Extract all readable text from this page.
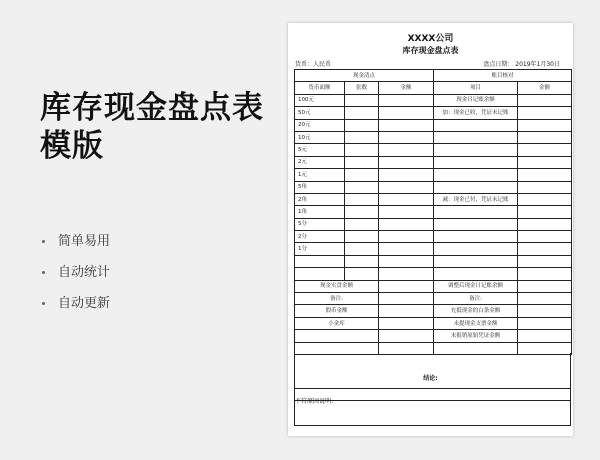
库存现金盘点表模版
简单易用
自动统计
自动更新
XXXX公司
库存现金盘点表
货币：人民币	盘点日期： 2019年1月30日
现金清点			账目核对	
货币面额	张数	金额	项目	金额
100元			现金日记账余额	
50元			加：现金已收，凭证未记账	
20元				
10元				
5元				
2元				
1元				
5角				
2角			减：现金已付，凭证未记账	
1角				
5分				
2分				
1分				

现金实盘金额			调整后现金日记账余额	
备注:			备注:	
假币金额			充抵现金的白条金额	
小金库			未提现金支票金额	
			未报销原始凭证金额	

结论:
不符原因说明:
